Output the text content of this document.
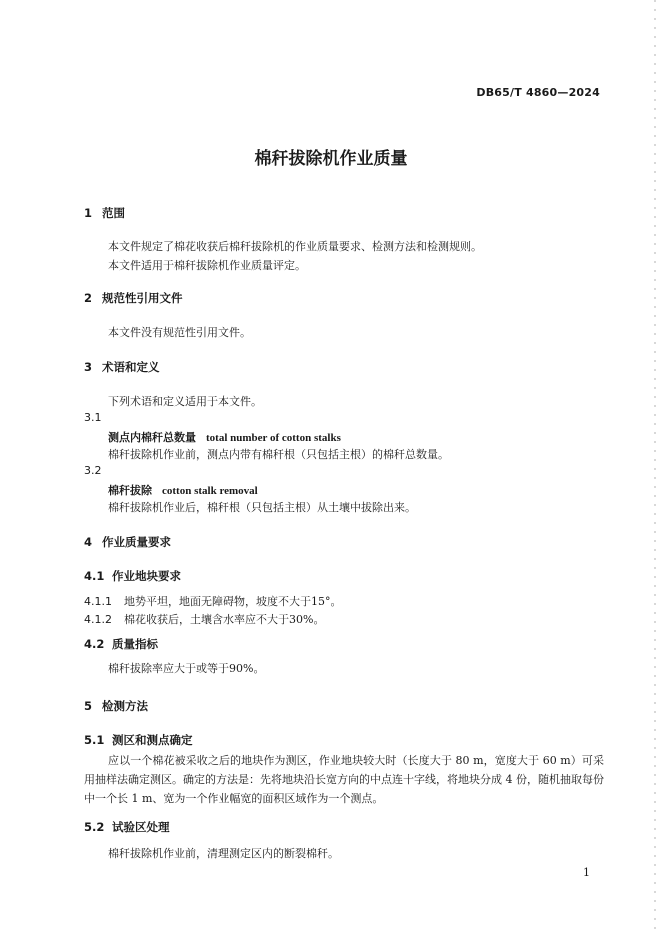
DB65/T 4860—2024
棉秆拔除机作业质量
1 范围
本文件规定了棉花收获后棉秆拔除机的作业质量要求、检测方法和检测规则。
本文件适用于棉秆拔除机作业质量评定。
2 规范性引用文件
本文件没有规范性引用文件。
3 术语和定义
下列术语和定义适用于本文件。
3.1
测点内棉秆总数量 total number of cotton stalks
棉秆拔除机作业前，测点内带有棉秆根（只包括主根）的棉秆总数量。
3.2
棉秆拔除 cotton stalk removal
棉秆拔除机作业后，棉秆根（只包括主根）从土壤中拔除出来。
4 作业质量要求
4.1 作业地块要求
4.1.1 地势平坦，地面无障碍物，坡度不大于15°。
4.1.2 棉花收获后，土壤含水率应不大于30%。
4.2 质量指标
棉秆拔除率应大于或等于90%。
5 检测方法
5.1 测区和测点确定
应以一个棉花被采收之后的地块作为测区，作业地块较大时（长度大于 80 m，宽度大于 60 m）可采用抽样法确定测区。确定的方法是：先将地块沿长宽方向的中点连十字线，将地块分成 4 份，随机抽取每份中一个长 1 m、宽为一个作业幅宽的面积区域作为一个测点。
5.2 试验区处理
棉秆拔除机作业前，清理测定区内的断裂棉秆。
1
